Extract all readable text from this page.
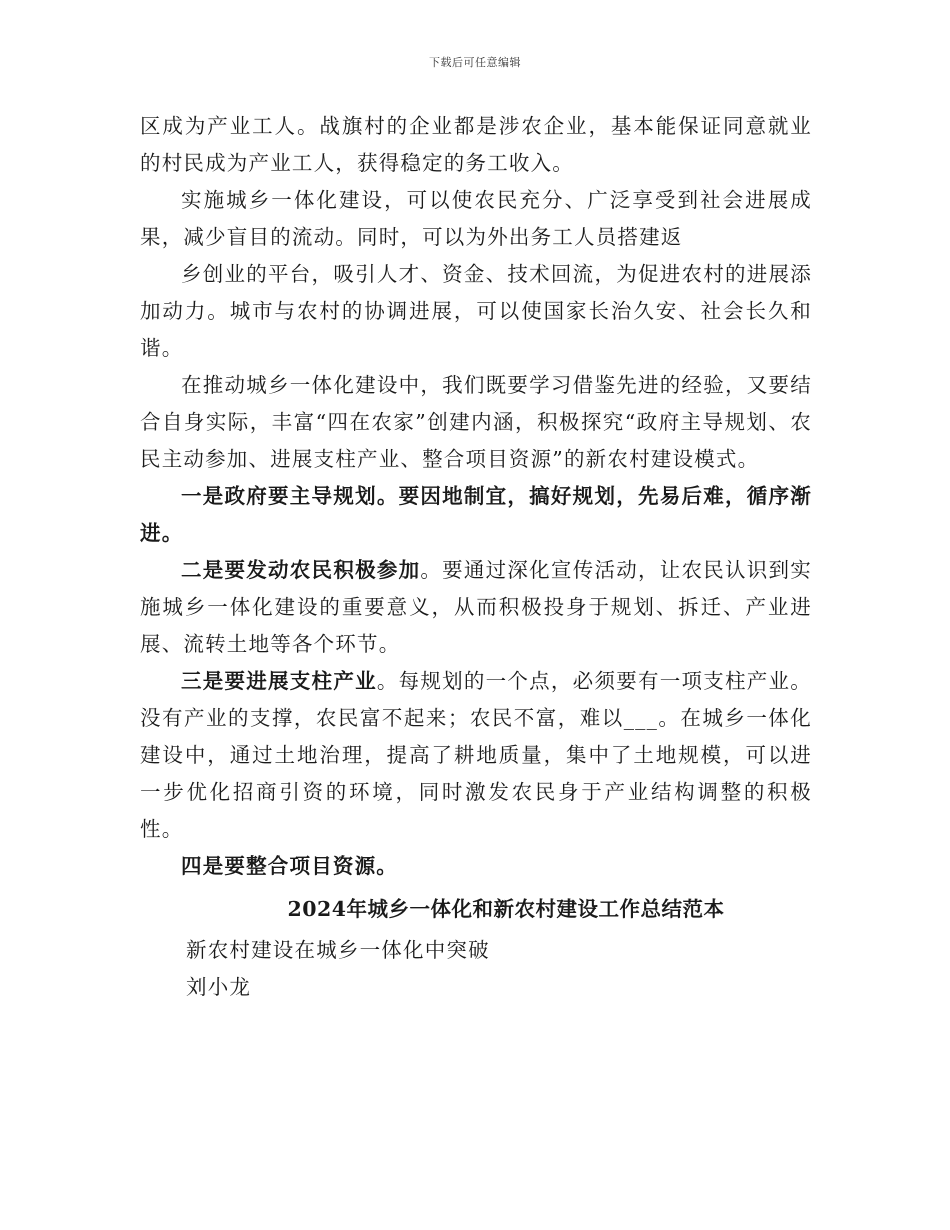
下载后可任意编辑

区成为产业工人。战旗村的企业都是涉农企业，基本能保证同意就业的村民成为产业工人，获得稳定的务工收入。

实施城乡一体化建设，可以使农民充分、广泛享受到社会进展成果，减少盲目的流动。同时，可以为外出务工人员搭建返

乡创业的平台，吸引人才、资金、技术回流，为促进农村的进展添加动力。城市与农村的协调进展，可以使国家长治久安、社会长久和谐。

在推动城乡一体化建设中，我们既要学习借鉴先进的经验，又要结合自身实际，丰富“四在农家”创建内涵，积极探究“政府主导规划、农民主动参加、进展支柱产业、整合项目资源”的新农村建设模式。

一是政府要主导规划。要因地制宜，搞好规划，先易后难，循序渐进。

二是要发动农民积极参加。要通过深化宣传活动，让农民认识到实施城乡一体化建设的重要意义，从而积极投身于规划、拆迁、产业进展、流转土地等各个环节。

三是要进展支柱产业。每规划的一个点，必须要有一项支柱产业。没有产业的支撑，农民富不起来；农民不富，难以___。在城乡一体化建设中，通过土地治理，提高了耕地质量，集中了土地规模，可以进一步优化招商引资的环境，同时激发农民身于产业结构调整的积极性。

四是要整合项目资源。

2024年城乡一体化和新农村建设工作总结范本

新农村建设在城乡一体化中突破

刘小龙
